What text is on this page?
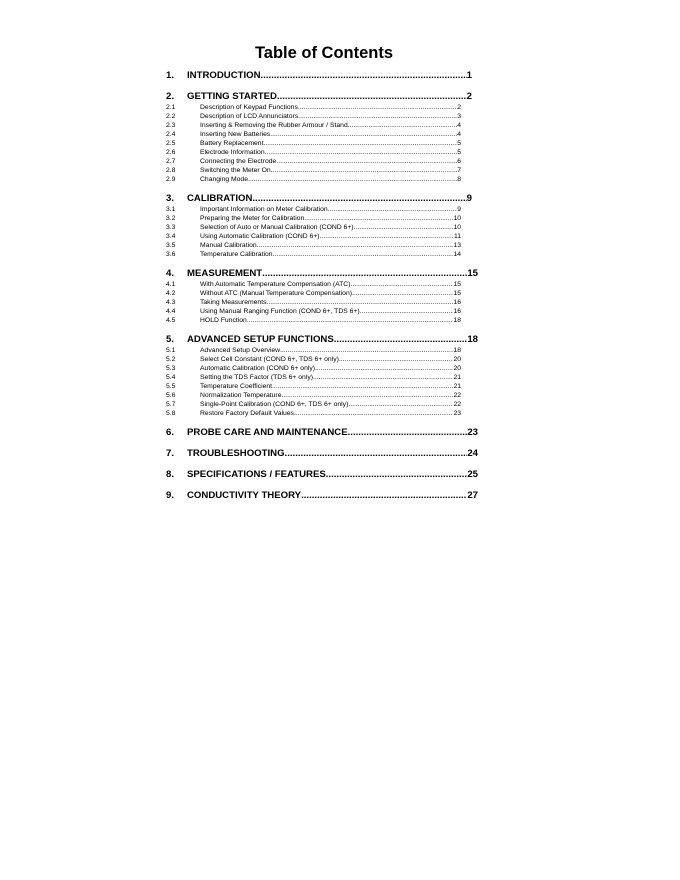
Table of Contents
1.	INTRODUCTION .....	1
2.	GETTING STARTED .....	2
2.1	Description of Keypad Functions .....	2
2.2	Description of LCD Annunciators .....	3
2.3	Inserting & Removing the Rubber Armour / Stand .....	4
2.4	Inserting New Batteries .....	4
2.5	Battery Replacement .....	5
2.6	Electrode Information .....	5
2.7	Connecting the Electrode .....	6
2.8	Switching the Meter On .....	7
2.9	Changing Mode .....	8
3.	CALIBRATION .....	9
3.1	Important Information on Meter Calibration .....	9
3.2	Preparing the Meter for Calibration .....	10
3.3	Selection of Auto or Manual Calibration (COND 6+) .....	10
3.4	Using Automatic Calibration (COND 6+) .....	11
3.5	Manual Calibration .....	13
3.6	Temperature Calibration .....	14
4.	MEASUREMENT .....	15
4.1	With Automatic Temperature Compensation (ATC) .....	15
4.2	Without ATC (Manual Temperature Compensation) .....	15
4.3	Taking Measurements .....	16
4.4	Using Manual Ranging Function (COND 6+, TDS 6+) .....	16
4.5	HOLD Function .....	18
5.	ADVANCED SETUP FUNCTIONS .....	18
5.1	Advanced Setup Overview .....	18
5.2	Select Cell Constant (COND 6+, TDS 6+ only) .....	20
5.3	Automatic Calibration (COND 6+ only) .....	20
5.4	Setting the TDS Factor (TDS 6+ only) .....	21
5.5	Temperature Coefficient .....	21
5.6	Normalization Temperature .....	22
5.7	Single-Point Calibration (COND 6+, TDS 6+ only) .....	22
5.8	Restore Factory Default Values .....	23
6.	PROBE CARE AND MAINTENANCE .....	23
7.	TROUBLESHOOTING .....	24
8.	SPECIFICATIONS / FEATURES .....	25
9.	CONDUCTIVITY THEORY .....	27
